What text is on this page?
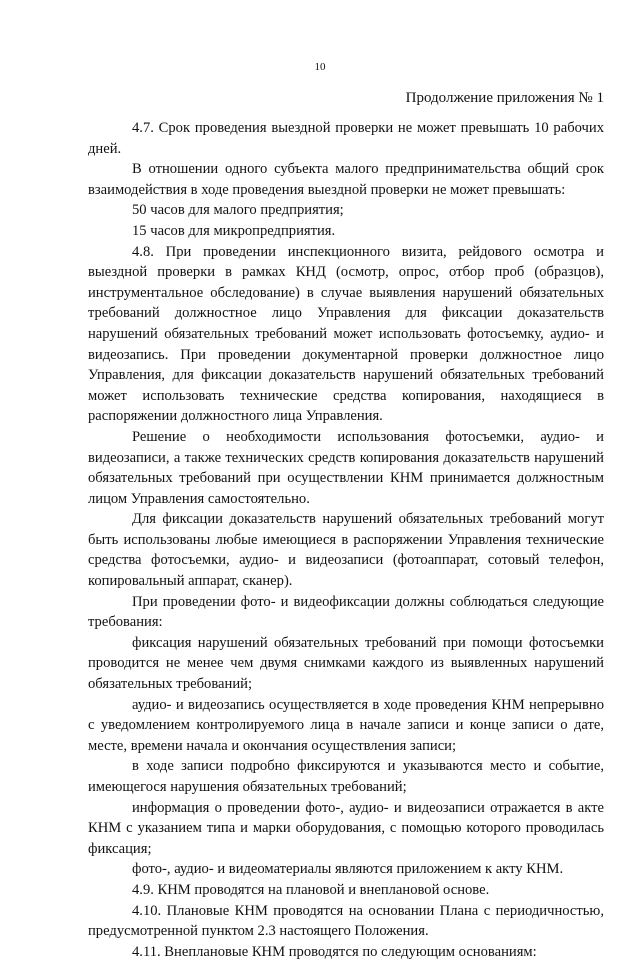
10
Продолжение приложения № 1

4.7. Срок проведения выездной проверки не может превышать 10 рабочих дней.

В отношении одного субъекта малого предпринимательства общий срок взаимодействия в ходе проведения выездной проверки не может превышать:

50 часов для малого предприятия;

15 часов для микропредприятия.

4.8. При проведении инспекционного визита, рейдового осмотра и выездной проверки в рамках КНД (осмотр, опрос, отбор проб (образцов), инструментальное обследование) в случае выявления нарушений обязательных требований должностное лицо Управления для фиксации доказательств нарушений обязательных требований может использовать фотосъемку, аудио- и видеозапись. При проведении документарной проверки должностное лицо Управления, для фиксации доказательств нарушений обязательных требований может использовать технические средства копирования, находящиеся в распоряжении должностного лица Управления.

Решение о необходимости использования фотосъемки, аудио- и видеозаписи, а также технических средств копирования доказательств нарушений обязательных требований при осуществлении КНМ принимается должностным лицом Управления самостоятельно.

Для фиксации доказательств нарушений обязательных требований могут быть использованы любые имеющиеся в распоряжении Управления технические средства фотосъемки, аудио- и видеозаписи (фотоаппарат, сотовый телефон, копировальный аппарат, сканер).

При проведении фото- и видеофиксации должны соблюдаться следующие требования:

фиксация нарушений обязательных требований при помощи фотосъемки проводится не менее чем двумя снимками каждого из выявленных нарушений обязательных требований;

аудио- и видеозапись осуществляется в ходе проведения КНМ непрерывно с уведомлением контролируемого лица в начале записи и конце записи о дате, месте, времени начала и окончания осуществления записи;

в ходе записи подробно фиксируются и указываются место и событие, имеющегося нарушения обязательных требований;

информация о проведении фото-, аудио- и видеозаписи отражается в акте КНМ с указанием типа и марки оборудования, с помощью которого проводилась фиксация;

фото-, аудио- и видеоматериалы являются приложением к акту КНМ.

4.9. КНМ проводятся на плановой и внеплановой основе.

4.10. Плановые КНМ проводятся на основании Плана с периодичностью, предусмотренной пунктом 2.3 настоящего Положения.

4.11. Внеплановые КНМ проводятся по следующим основаниям:
